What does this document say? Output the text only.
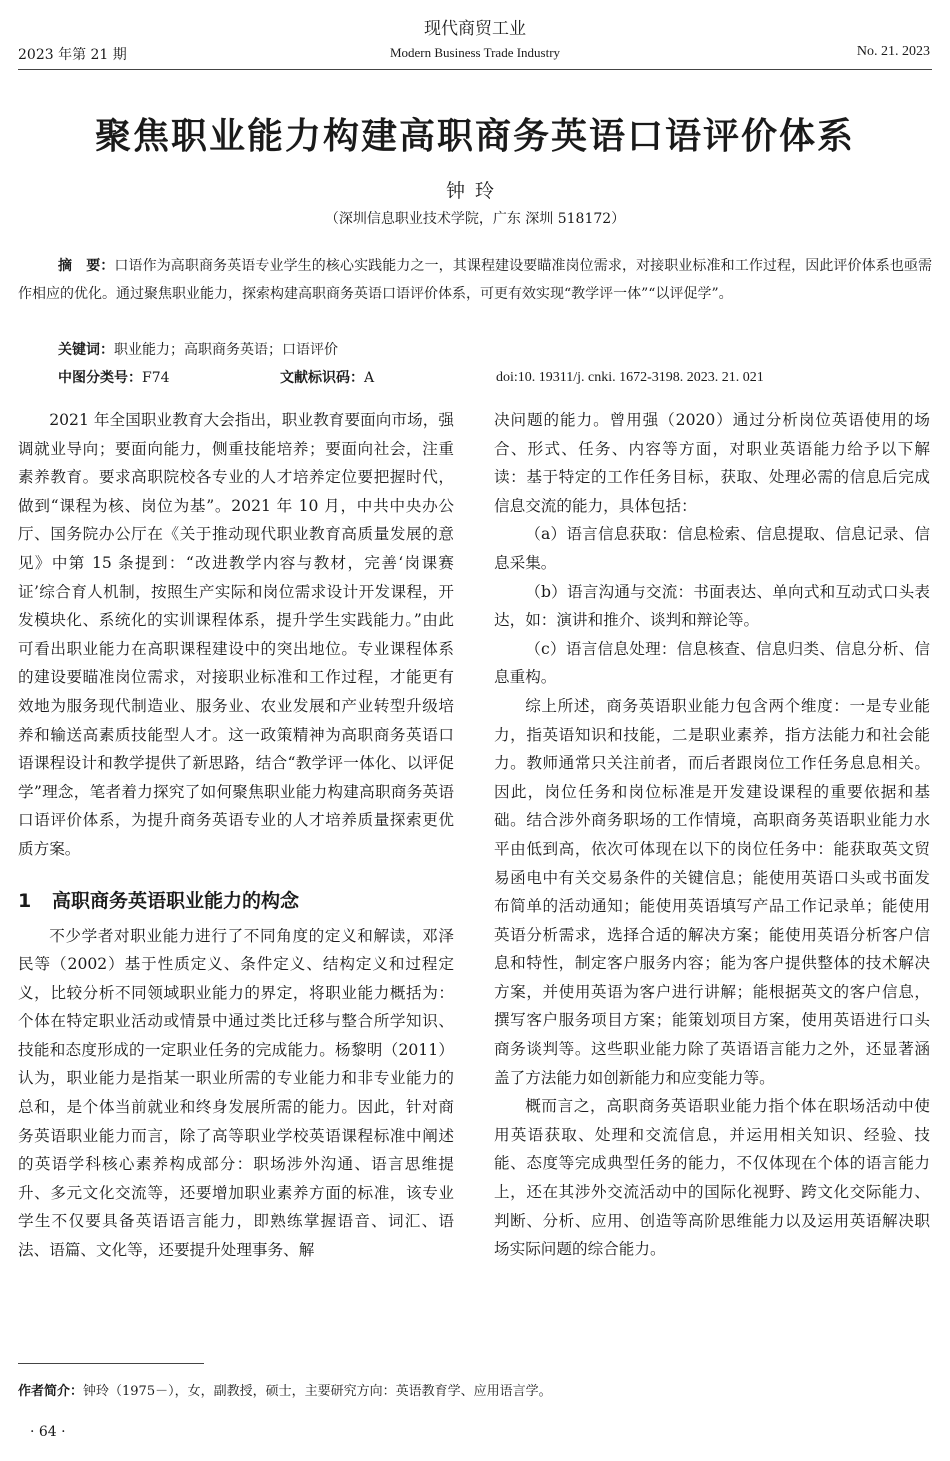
现代商贸工业
2023 年第 21 期	Modern Business Trade Industry	No. 21. 2023
聚焦职业能力构建高职商务英语口语评价体系
钟玲
（深圳信息职业技术学院，广东 深圳 518172）
摘　要：口语作为高职商务英语专业学生的核心实践能力之一，其课程建设要瞄准岗位需求，对接职业标准和工作过程，因此评价体系也亟需作相应的优化。通过聚焦职业能力，探索构建高职商务英语口语评价体系，可更有效实现“教学评一体”“以评促学”。
关键词：职业能力；高职商务英语；口语评价
中图分类号：F74	文献标识码：A	doi:10. 19311/j. cnki. 1672-3198. 2023. 21. 021

2021 年全国职业教育大会指出，职业教育要面向市场，强调就业导向；要面向能力，侧重技能培养；要面向社会，注重素养教育。要求高职院校各专业的人才培养定位要把握时代，做到“课程为核、岗位为基”。2021 年 10 月，中共中央办公厅、国务院办公厅在《关于推动现代职业教育高质量发展的意见》中第 15 条提到：“改进教学内容与教材，完善‘岗课赛证’综合育人机制，按照生产实际和岗位需求设计开发课程，开发模块化、系统化的实训课程体系，提升学生实践能力。”由此可看出职业能力在高职课程建设中的突出地位。专业课程体系的建设要瞄准岗位需求，对接职业标准和工作过程，才能更有效地为服务现代制造业、服务业、农业发展和产业转型升级培养和输送高素质技能型人才。这一政策精神为高职商务英语口语课程设计和教学提供了新思路，结合“教学评一体化、以评促学”理念，笔者着力探究了如何聚焦职业能力构建高职商务英语口语评价体系，为提升商务英语专业的人才培养质量探索更优质方案。

1 高职商务英语职业能力的构念

不少学者对职业能力进行了不同角度的定义和解读，邓泽民等（2002）基于性质定义、条件定义、结构定义和过程定义，比较分析不同领域职业能力的界定，将职业能力概括为：个体在特定职业活动或情景中通过类比迁移与整合所学知识、技能和态度形成的一定职业任务的完成能力。杨黎明（2011）认为，职业能力是指某一职业所需的专业能力和非专业能力的总和，是个体当前就业和终身发展所需的能力。因此，针对商务英语职业能力而言，除了高等职业学校英语课程标准中阐述的英语学科核心素养构成部分：职场涉外沟通、语言思维提升、多元文化交流等，还要增加职业素养方面的标准，该专业学生不仅要具备英语语言能力，即熟练掌握语音、词汇、语法、语篇、文化等，还要提升处理事务、解

决问题的能力。曾用强（2020）通过分析岗位英语使用的场合、形式、任务、内容等方面，对职业英语能力给予以下解读：基于特定的工作任务目标，获取、处理必需的信息后完成信息交流的能力，具体包括：

（a）语言信息获取：信息检索、信息提取、信息记录、信息采集。

（b）语言沟通与交流：书面表达、单向式和互动式口头表达，如：演讲和推介、谈判和辩论等。

（c）语言信息处理：信息核查、信息归类、信息分析、信息重构。

综上所述，商务英语职业能力包含两个维度：一是专业能力，指英语知识和技能，二是职业素养，指方法能力和社会能力。教师通常只关注前者，而后者跟岗位工作任务息息相关。因此，岗位任务和岗位标准是开发建设课程的重要依据和基础。结合涉外商务职场的工作情境，高职商务英语职业能力水平由低到高，依次可体现在以下的岗位任务中：能获取英文贸易函电中有关交易条件的关键信息；能使用英语口头或书面发布简单的活动通知；能使用英语填写产品工作记录单；能使用英语分析需求，选择合适的解决方案；能使用英语分析客户信息和特性，制定客户服务内容；能为客户提供整体的技术解决方案，并使用英语为客户进行讲解；能根据英文的客户信息，撰写客户服务项目方案；能策划项目方案，使用英语进行口头商务谈判等。这些职业能力除了英语语言能力之外，还显著涵盖了方法能力如创新能力和应变能力等。

概而言之，高职商务英语职业能力指个体在职场活动中使用英语获取、处理和交流信息，并运用相关知识、经验、技能、态度等完成典型任务的能力，不仅体现在个体的语言能力上，还在其涉外交流活动中的国际化视野、跨文化交际能力、判断、分析、应用、创造等高阶思维能力以及运用英语解决职场实际问题的综合能力。

作者简介：钟玲（1975－），女，副教授，硕士，主要研究方向：英语教育学、应用语言学。
· 64 ·
